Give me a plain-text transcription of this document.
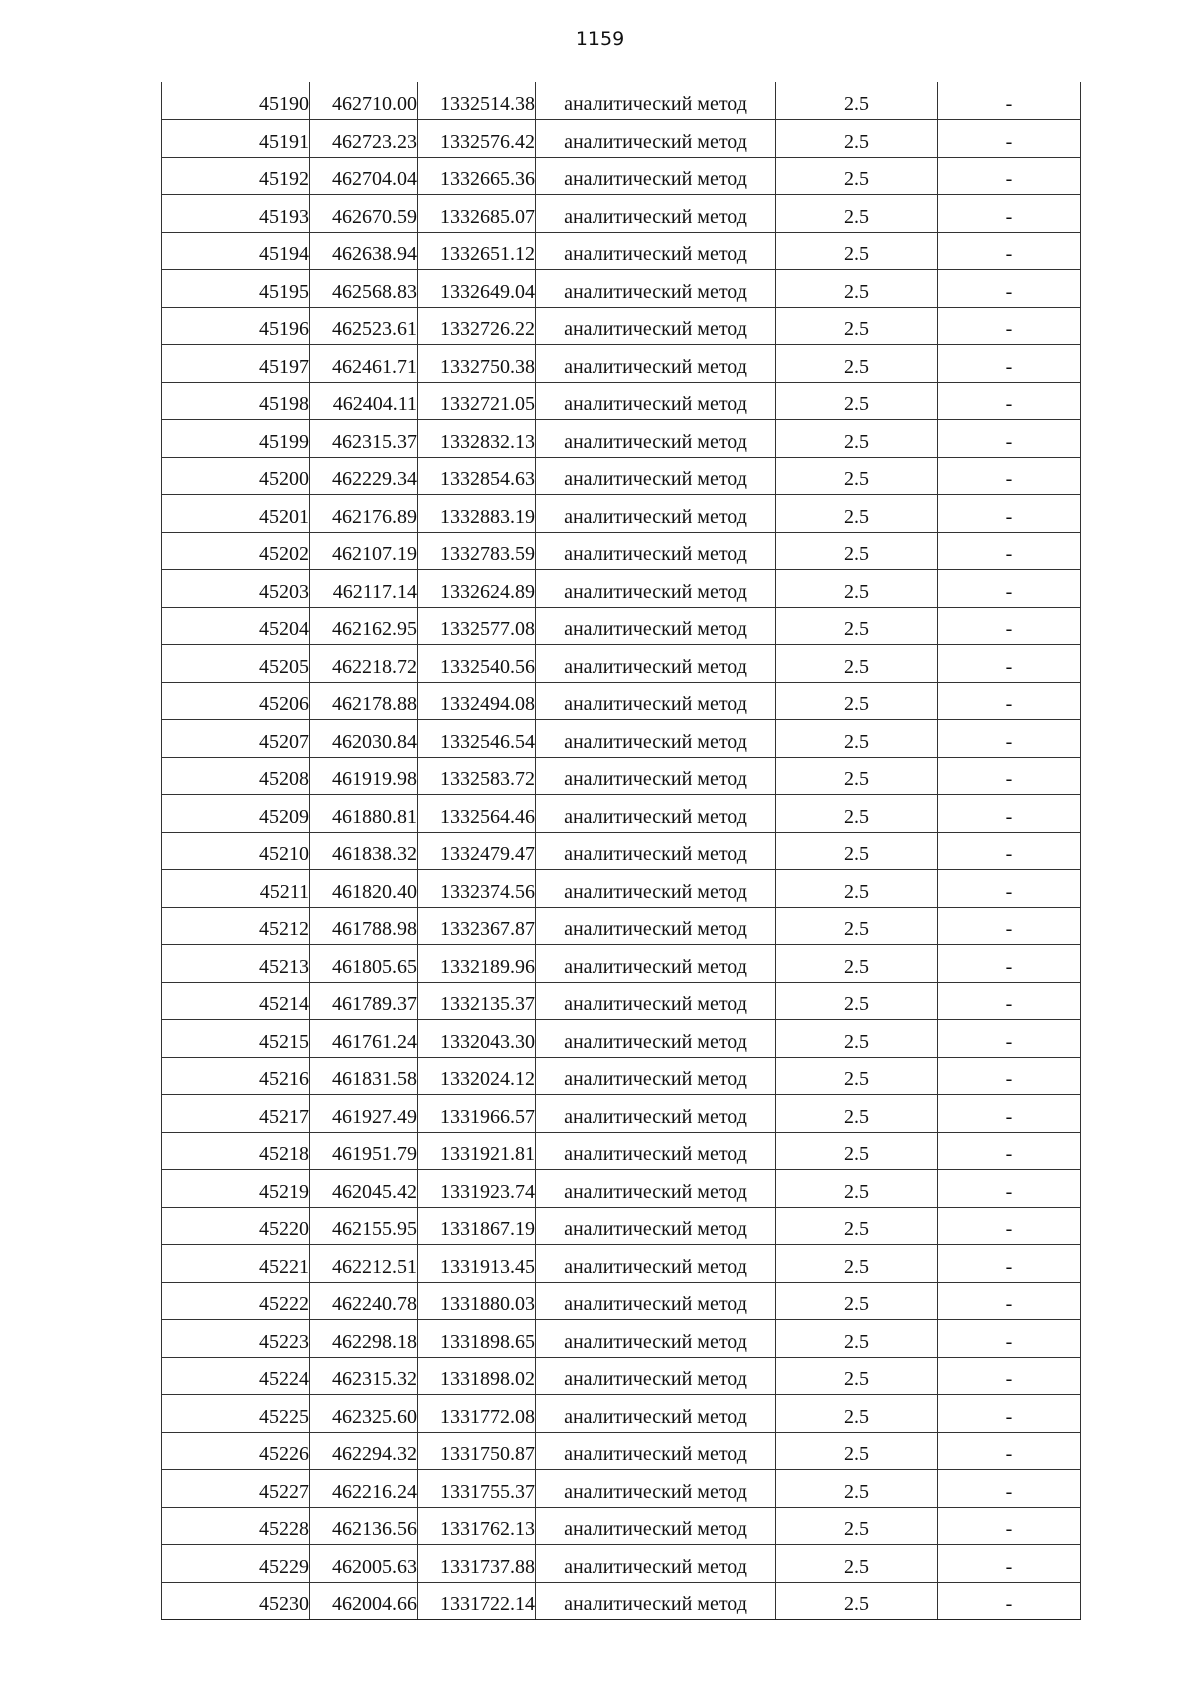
1159
45190	462710.00	1332514.38	аналитический метод	2.5	-
45191	462723.23	1332576.42	аналитический метод	2.5	-
45192	462704.04	1332665.36	аналитический метод	2.5	-
45193	462670.59	1332685.07	аналитический метод	2.5	-
45194	462638.94	1332651.12	аналитический метод	2.5	-
45195	462568.83	1332649.04	аналитический метод	2.5	-
45196	462523.61	1332726.22	аналитический метод	2.5	-
45197	462461.71	1332750.38	аналитический метод	2.5	-
45198	462404.11	1332721.05	аналитический метод	2.5	-
45199	462315.37	1332832.13	аналитический метод	2.5	-
45200	462229.34	1332854.63	аналитический метод	2.5	-
45201	462176.89	1332883.19	аналитический метод	2.5	-
45202	462107.19	1332783.59	аналитический метод	2.5	-
45203	462117.14	1332624.89	аналитический метод	2.5	-
45204	462162.95	1332577.08	аналитический метод	2.5	-
45205	462218.72	1332540.56	аналитический метод	2.5	-
45206	462178.88	1332494.08	аналитический метод	2.5	-
45207	462030.84	1332546.54	аналитический метод	2.5	-
45208	461919.98	1332583.72	аналитический метод	2.5	-
45209	461880.81	1332564.46	аналитический метод	2.5	-
45210	461838.32	1332479.47	аналитический метод	2.5	-
45211	461820.40	1332374.56	аналитический метод	2.5	-
45212	461788.98	1332367.87	аналитический метод	2.5	-
45213	461805.65	1332189.96	аналитический метод	2.5	-
45214	461789.37	1332135.37	аналитический метод	2.5	-
45215	461761.24	1332043.30	аналитический метод	2.5	-
45216	461831.58	1332024.12	аналитический метод	2.5	-
45217	461927.49	1331966.57	аналитический метод	2.5	-
45218	461951.79	1331921.81	аналитический метод	2.5	-
45219	462045.42	1331923.74	аналитический метод	2.5	-
45220	462155.95	1331867.19	аналитический метод	2.5	-
45221	462212.51	1331913.45	аналитический метод	2.5	-
45222	462240.78	1331880.03	аналитический метод	2.5	-
45223	462298.18	1331898.65	аналитический метод	2.5	-
45224	462315.32	1331898.02	аналитический метод	2.5	-
45225	462325.60	1331772.08	аналитический метод	2.5	-
45226	462294.32	1331750.87	аналитический метод	2.5	-
45227	462216.24	1331755.37	аналитический метод	2.5	-
45228	462136.56	1331762.13	аналитический метод	2.5	-
45229	462005.63	1331737.88	аналитический метод	2.5	-
45230	462004.66	1331722.14	аналитический метод	2.5	-
